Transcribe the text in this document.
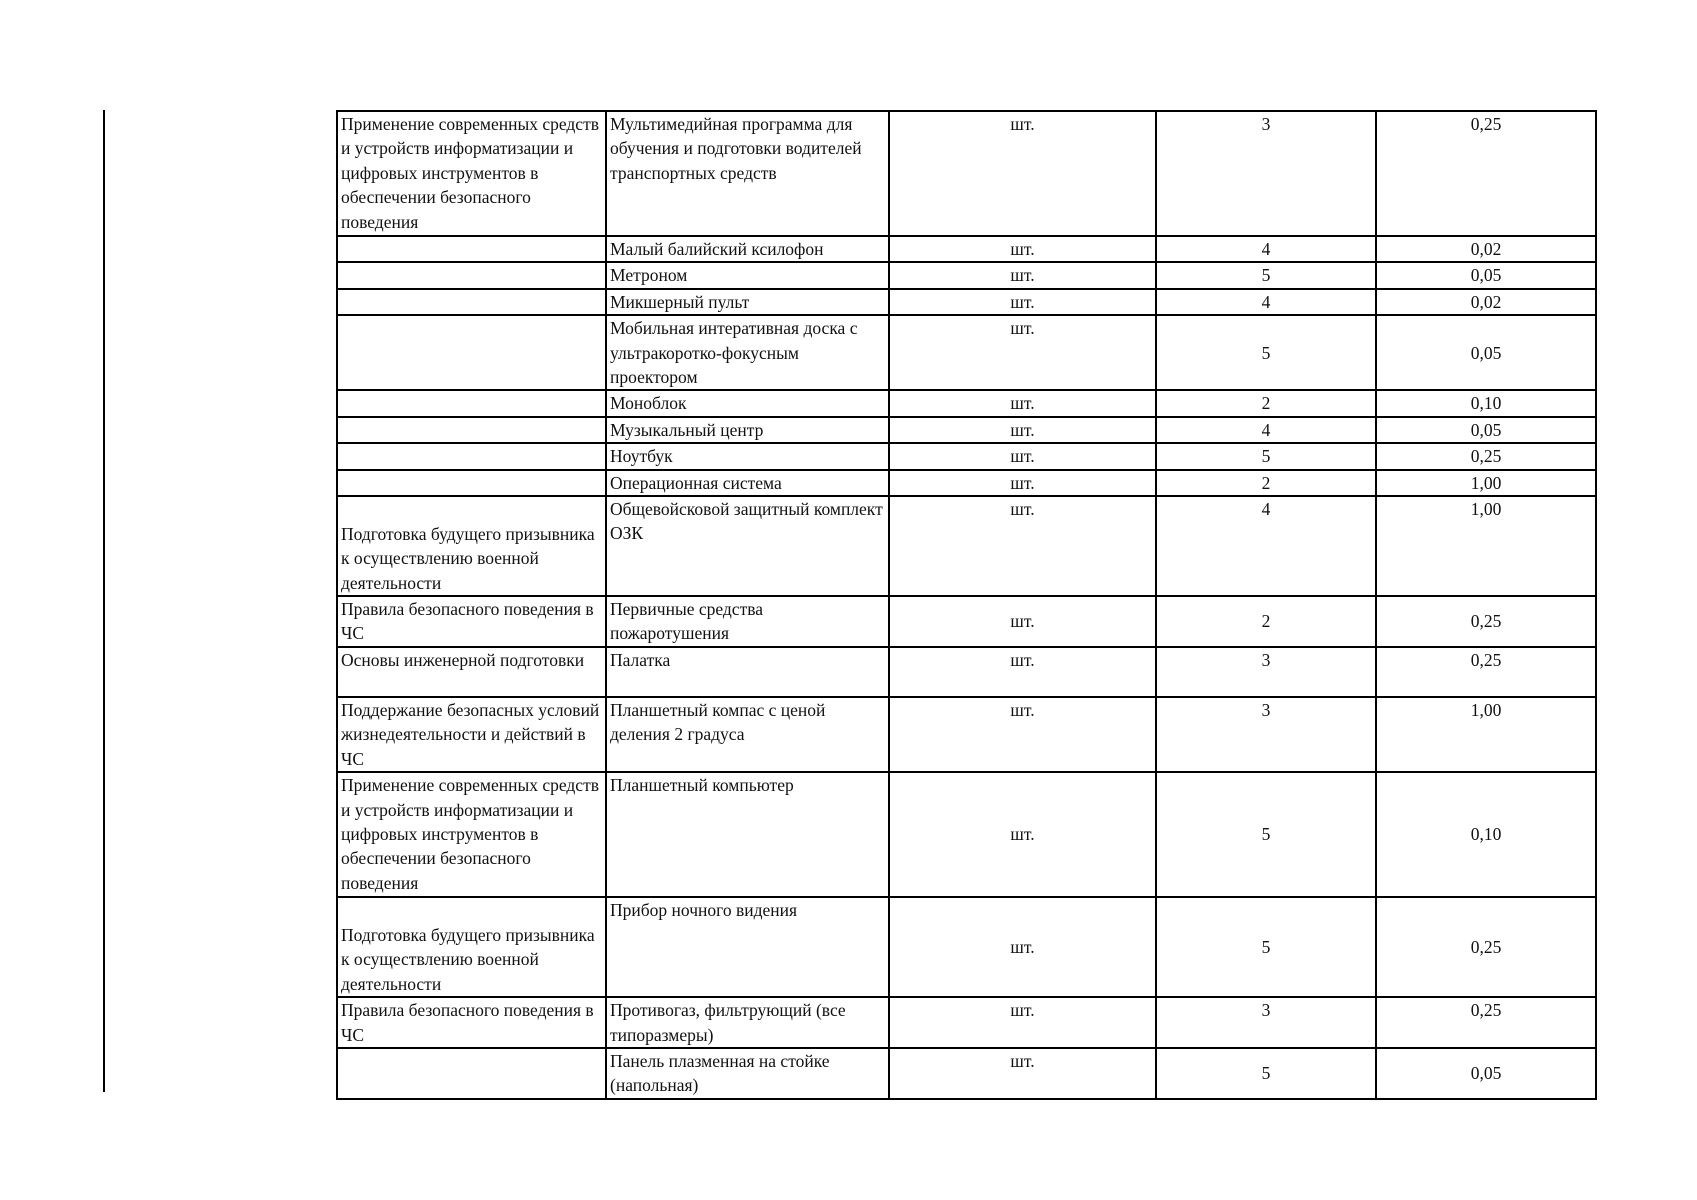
Применение современных средств и устройств информатизации и цифровых инструментов в обеспечении безопасного поведения	Мультимедийная программа для обучения и подготовки водителей транспортных средств	шт.	3	0,25
	Малый балийский ксилофон	шт.	4	0,02
	Метроном	шт.	5	0,05
	Микшерный пульт	шт.	4	0,02
	Мобильная интеративная доска с ультракоротко-фокусным проектором	шт.	5	0,05
	Моноблок	шт.	2	0,10
	Музыкальный центр	шт.	4	0,05
	Ноутбук	шт.	5	0,25
	Операционная система	шт.	2	1,00
Подготовка будущего призывника к осуществлению военной деятельности	Общевойсковой защитный комплект ОЗК	шт.	4	1,00
Правила безопасного поведения в ЧС	Первичные средства пожаротушения	шт.	2	0,25
Основы инженерной подготовки	Палатка	шт.	3	0,25
Поддержание безопасных условий жизнедеятельности и действий в ЧС	Планшетный компас с ценой деления 2 градуса	шт.	3	1,00
Применение современных средств и устройств информатизации и цифровых инструментов в обеспечении безопасного поведения	Планшетный компьютер	шт.	5	0,10
Подготовка будущего призывника к осуществлению военной деятельности	Прибор ночного видения	шт.	5	0,25
Правила безопасного поведения в ЧС	Противогаз, фильтрующий (все типоразмеры)	шт.	3	0,25
	Панель плазменная на стойке (напольная)	шт.	5	0,05
